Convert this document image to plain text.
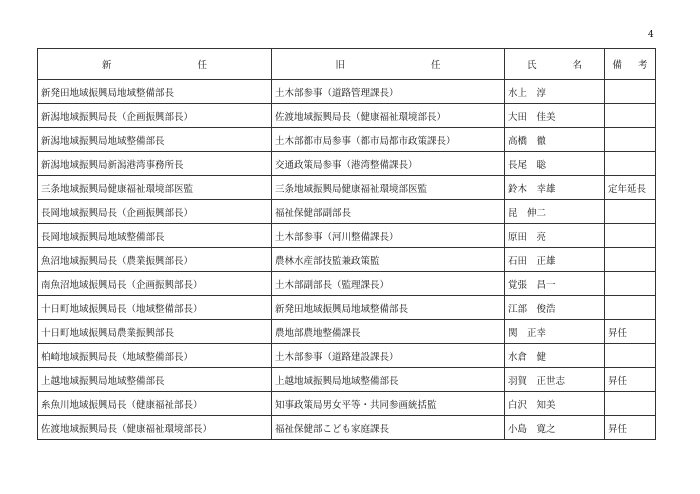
4
新 任	旧 任	氏 名	備 考
新発田地域振興局地域整備部長	土木部参事（道路管理課長）	水上　淳	
新潟地域振興局長（企画振興部長）	佐渡地域振興局長（健康福祉環境部長）	大田　佳美	
新潟地域振興局地域整備部長	土木部都市局参事（都市局都市政策課長）	高橋　徹	
新潟地域振興局新潟港湾事務所長	交通政策局参事（港湾整備課長）	長尾　聡	
三条地域振興局健康福祉環境部医監	三条地域振興局健康福祉環境部医監	鈴木　幸雄	定年延長
長岡地域振興局長（企画振興部長）	福祉保健部副部長	昆　伸二	
長岡地域振興局地域整備部長	土木部参事（河川整備課長）	原田　亮	
魚沼地域振興局長（農業振興部長）	農林水産部技監兼政策監	石田　正雄	
南魚沼地域振興局長（企画振興部長）	土木部副部長（監理課長）	覚張　昌一	
十日町地域振興局長（地域整備部長）	新発田地域振興局地域整備部長	江部　俊浩	
十日町地域振興局農業振興部長	農地部農地整備課長	関　正幸	昇任
柏崎地域振興局長（地域整備部長）	土木部参事（道路建設課長）	水倉　健	
上越地域振興局地域整備部長	上越地域振興局地域整備部長	羽賀　正世志	昇任
糸魚川地域振興局長（健康福祉部長）	知事政策局男女平等・共同参画統括監	白沢　知美	
佐渡地域振興局長（健康福祉環境部長）	福祉保健部こども家庭課長	小島　寛之	昇任
